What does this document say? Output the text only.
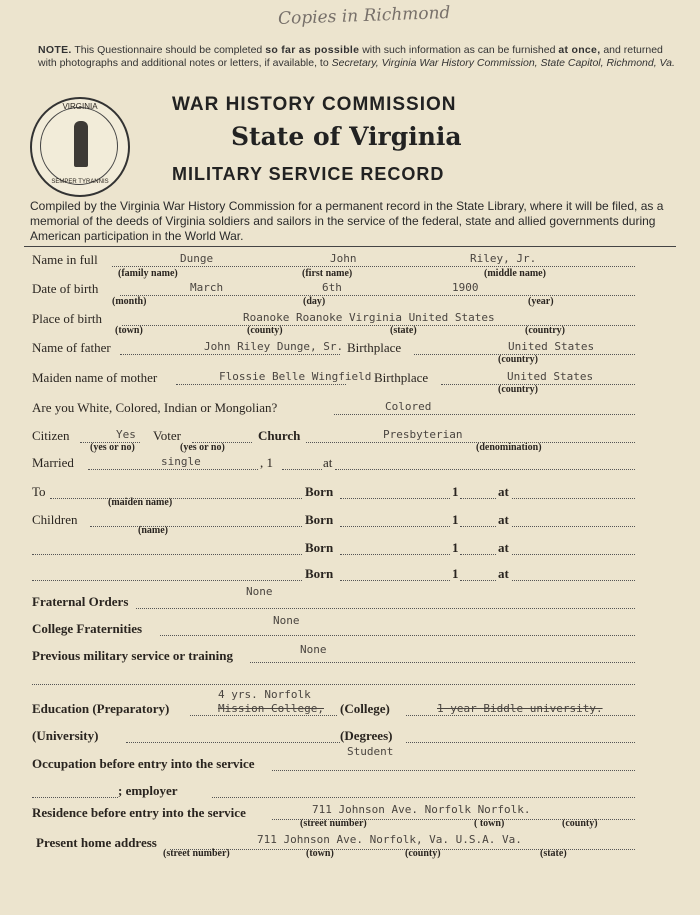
Copies in Richmond
NOTE. This Questionnaire should be completed so far as possible with such information as can be furnished at once, and returned with photographs and additional notes or letters, if available, to Secretary, Virginia War History Commission, State Capitol, Richmond, Va.
VIRGINIA
SEMPER TYRANNIS
WAR HISTORY COMMISSION
State of Virginia
MILITARY SERVICE RECORD
Compiled by the Virginia War History Commission for a permanent record in the State Library, where it will be filed, as a memorial of the deeds of Virginia soldiers and sailors in the service of the federal, state and allied governments during American participation in the World War.
Name in full	Dunge	John	Riley, Jr.
(family name)	(first name)	(middle name)
Date of birth	March	6th	1900
(month)	(day)	(year)
Place of birth	Roanoke Roanoke Virginia United States
(town)	(county)	(state)	(country)
Name of father	John Riley Dunge, Sr. Birthplace	United States
(country)
Maiden name of mother	Flossie Belle Wingfield Birthplace	United States
(country)
Are you White, Colored, Indian or Mongolian?	Colored
Citizen	Yes Voter	Church	Presbyterian
(yes or no)	(yes or no)	(denomination)
Married	single	, 1	at
To	Born	1	at
(maiden name)
Children	Born	1	at
(name)
Born	1	at
Born	1	at
Fraternal Orders
None
College Fraternities
None
Previous military service or training	None
4 yrs. Norfolk
Education (Preparatory)	Mission College, (College)	1 year Biddle university.
(University)	(Degrees)
Student
Occupation before entry into the service
; employer
Residence before entry into the service	711 Johnson Ave. Norfolk Norfolk.
(street number)	( town)	(county)
Present home address	711 Johnson Ave. Norfolk, Va. U.S.A. Va.
(street number)	(town)	(county)	(state)
